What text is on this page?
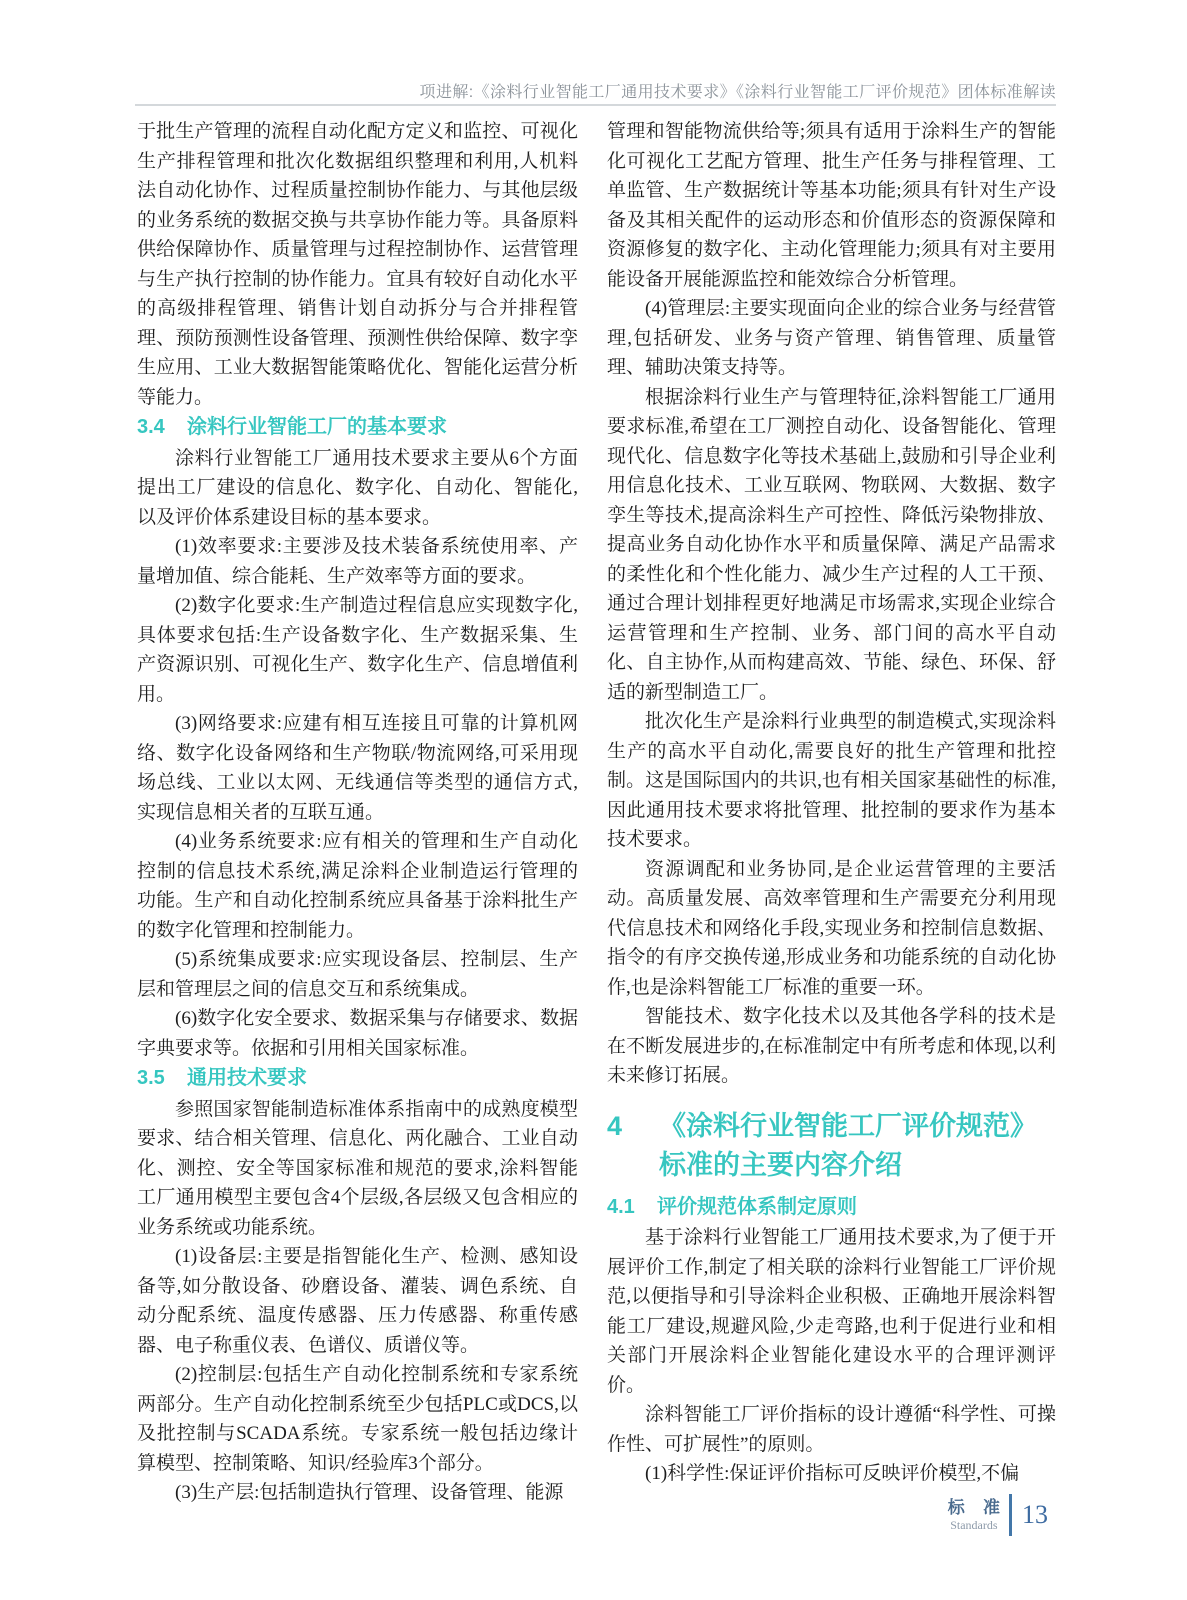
项进解:《涂料行业智能工厂通用技术要求》《涂料行业智能工厂评价规范》团体标准解读

于批生产管理的流程自动化配方定义和监控、可视化生产排程管理和批次化数据组织整理和利用,人机料法自动化协作、过程质量控制协作能力、与其他层级的业务系统的数据交换与共享协作能力等。具备原料供给保障协作、质量管理与过程控制协作、运营管理与生产执行控制的协作能力。宜具有较好自动化水平的高级排程管理、销售计划自动拆分与合并排程管理、预防预测性设备管理、预测性供给保障、数字孪生应用、工业大数据智能策略优化、智能化运营分析等能力。

3.4	涂料行业智能工厂的基本要求

涂料行业智能工厂通用技术要求主要从6个方面提出工厂建设的信息化、数字化、自动化、智能化,以及评价体系建设目标的基本要求。

(1)效率要求:主要涉及技术装备系统使用率、产量增加值、综合能耗、生产效率等方面的要求。

(2)数字化要求:生产制造过程信息应实现数字化,具体要求包括:生产设备数字化、生产数据采集、生产资源识别、可视化生产、数字化生产、信息增值利用。

(3)网络要求:应建有相互连接且可靠的计算机网络、数字化设备网络和生产物联/物流网络,可采用现场总线、工业以太网、无线通信等类型的通信方式,实现信息相关者的互联互通。

(4)业务系统要求:应有相关的管理和生产自动化控制的信息技术系统,满足涂料企业制造运行管理的功能。生产和自动化控制系统应具备基于涂料批生产的数字化管理和控制能力。

(5)系统集成要求:应实现设备层、控制层、生产层和管理层之间的信息交互和系统集成。

(6)数字化安全要求、数据采集与存储要求、数据字典要求等。依据和引用相关国家标准。

3.5	通用技术要求

参照国家智能制造标准体系指南中的成熟度模型要求、结合相关管理、信息化、两化融合、工业自动化、测控、安全等国家标准和规范的要求,涂料智能工厂通用模型主要包含4个层级,各层级又包含相应的业务系统或功能系统。

(1)设备层:主要是指智能化生产、检测、感知设备等,如分散设备、砂磨设备、灌装、调色系统、自动分配系统、温度传感器、压力传感器、称重传感器、电子称重仪表、色谱仪、质谱仪等。

(2)控制层:包括生产自动化控制系统和专家系统两部分。生产自动化控制系统至少包括PLC或DCS,以及批控制与SCADA系统。专家系统一般包括边缘计算模型、控制策略、知识/经验库3个部分。

(3)生产层:包括制造执行管理、设备管理、能源

管理和智能物流供给等;须具有适用于涂料生产的智能化可视化工艺配方管理、批生产任务与排程管理、工单监管、生产数据统计等基本功能;须具有针对生产设备及其相关配件的运动形态和价值形态的资源保障和资源修复的数字化、主动化管理能力;须具有对主要用能设备开展能源监控和能效综合分析管理。

(4)管理层:主要实现面向企业的综合业务与经营管理,包括研发、业务与资产管理、销售管理、质量管理、辅助决策支持等。

根据涂料行业生产与管理特征,涂料智能工厂通用要求标准,希望在工厂测控自动化、设备智能化、管理现代化、信息数字化等技术基础上,鼓励和引导企业利用信息化技术、工业互联网、物联网、大数据、数字孪生等技术,提高涂料生产可控性、降低污染物排放、提高业务自动化协作水平和质量保障、满足产品需求的柔性化和个性化能力、减少生产过程的人工干预、通过合理计划排程更好地满足市场需求,实现企业综合运营管理和生产控制、业务、部门间的高水平自动化、自主协作,从而构建高效、节能、绿色、环保、舒适的新型制造工厂。

批次化生产是涂料行业典型的制造模式,实现涂料生产的高水平自动化,需要良好的批生产管理和批控制。这是国际国内的共识,也有相关国家基础性的标准,因此通用技术要求将批管理、批控制的要求作为基本技术要求。

资源调配和业务协同,是企业运营管理的主要活动。高质量发展、高效率管理和生产需要充分利用现代信息技术和网络化手段,实现业务和控制信息数据、指令的有序交换传递,形成业务和功能系统的自动化协作,也是涂料智能工厂标准的重要一环。

智能技术、数字化技术以及其他各学科的技术是在不断发展进步的,在标准制定中有所考虑和体现,以利未来修订拓展。

4	《涂料行业智能工厂评价规范》标准的主要内容介绍
4.1	评价规范体系制定原则

基于涂料行业智能工厂通用技术要求,为了便于开展评价工作,制定了相关联的涂料行业智能工厂评价规范,以便指导和引导涂料企业积极、正确地开展涂料智能工厂建设,规避风险,少走弯路,也利于促进行业和相关部门开展涂料企业智能化建设水平的合理评测评价。

涂料智能工厂评价指标的设计遵循“科学性、可操作性、可扩展性”的原则。

(1)科学性:保证评价指标可反映评价模型,不偏

标 准
Standards 13
